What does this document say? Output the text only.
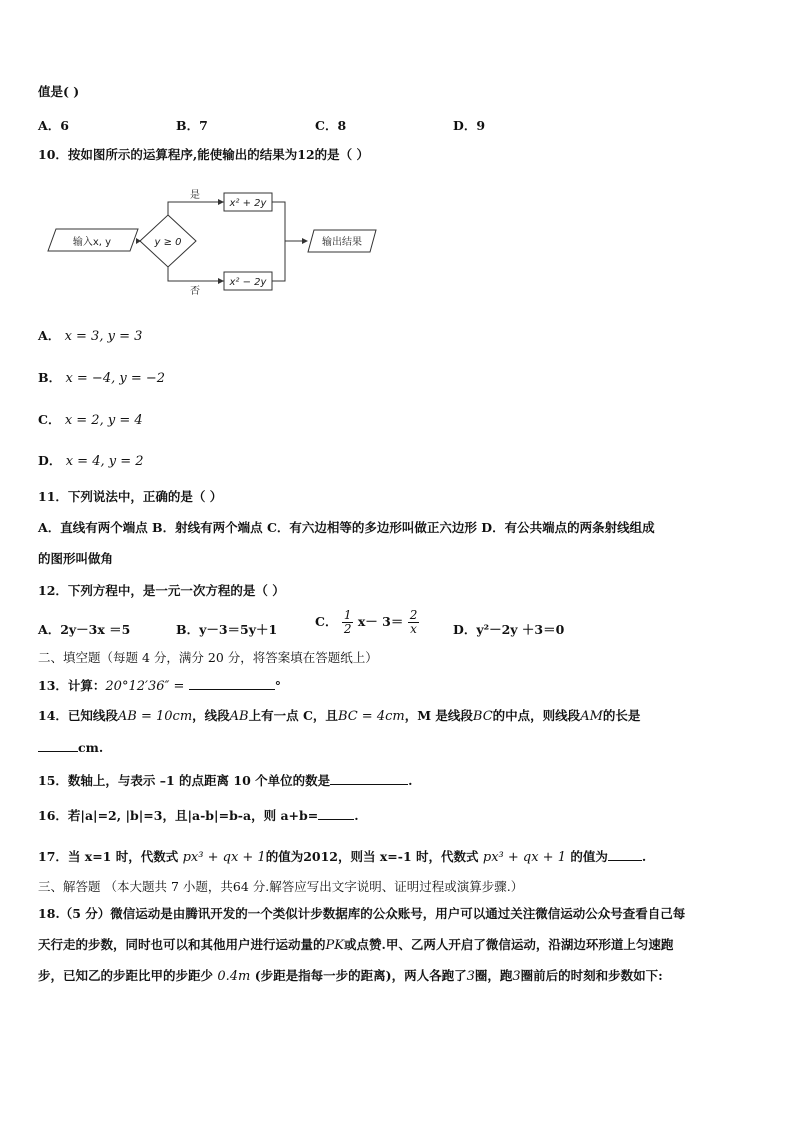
值是( )
A．6	B．7	C．8	D．9
10．按如图所示的运算程序,能使输出的结果为12的是（ ）
输入x, y	y ≥ 0
是
否
x² + 2y
x² − 2y
输出结果
A． x = 3, y = 3
B． x = −4, y = −2
C． x = 2, y = 4
D． x = 4, y = 2
11．下列说法中，正确的是（ ）
A．直线有两个端点 B．射线有两个端点 C．有六边相等的多边形叫做正六边形 D．有公共端点的两条射线组成
的图形叫做角
12．下列方程中，是一元一次方程的是（ ）
A．2y－3x ＝5	B．y－3＝5y＋1
C． $\frac{1}{2} x- 3= \frac{2}{x}$	D．y²－2y ＋3＝0
二、填空题（每题 4 分，满分 20 分，将答案填在答题纸上）
13．计算：20°12′36″ =	°
14．已知线段AB = 10cm，线段AB上有一点 C，且BC = 4cm，M 是线段BC的中点，则线段AM的长是
cm.
15．数轴上，与表示 –1 的点距离 10 个单位的数是	.
16．若|a|=2, |b|=3，且|a-b|=b-a，则 a+b=	.
17．当 x=1 时，代数式 px³ + qx + 1的值为2012，则当 x=-1 时，代数式 px³ + qx + 1 的值为	.
三、解答题 （本大题共 7 小题，共64 分.解答应写出文字说明、证明过程或演算步骤.）
18.（5 分）微信运动是由腾讯开发的一个类似计步数据库的公众账号，用户可以通过关注微信运动公众号查看自己每
天行走的步数，同时也可以和其他用户进行运动量的PK或点赞.甲、乙两人开启了微信运动，沿湖边环形道上匀速跑
步，已知乙的步距比甲的步距少 0.4m (步距是指每一步的距离)，两人各跑了3圈，跑3圈前后的时刻和步数如下:
